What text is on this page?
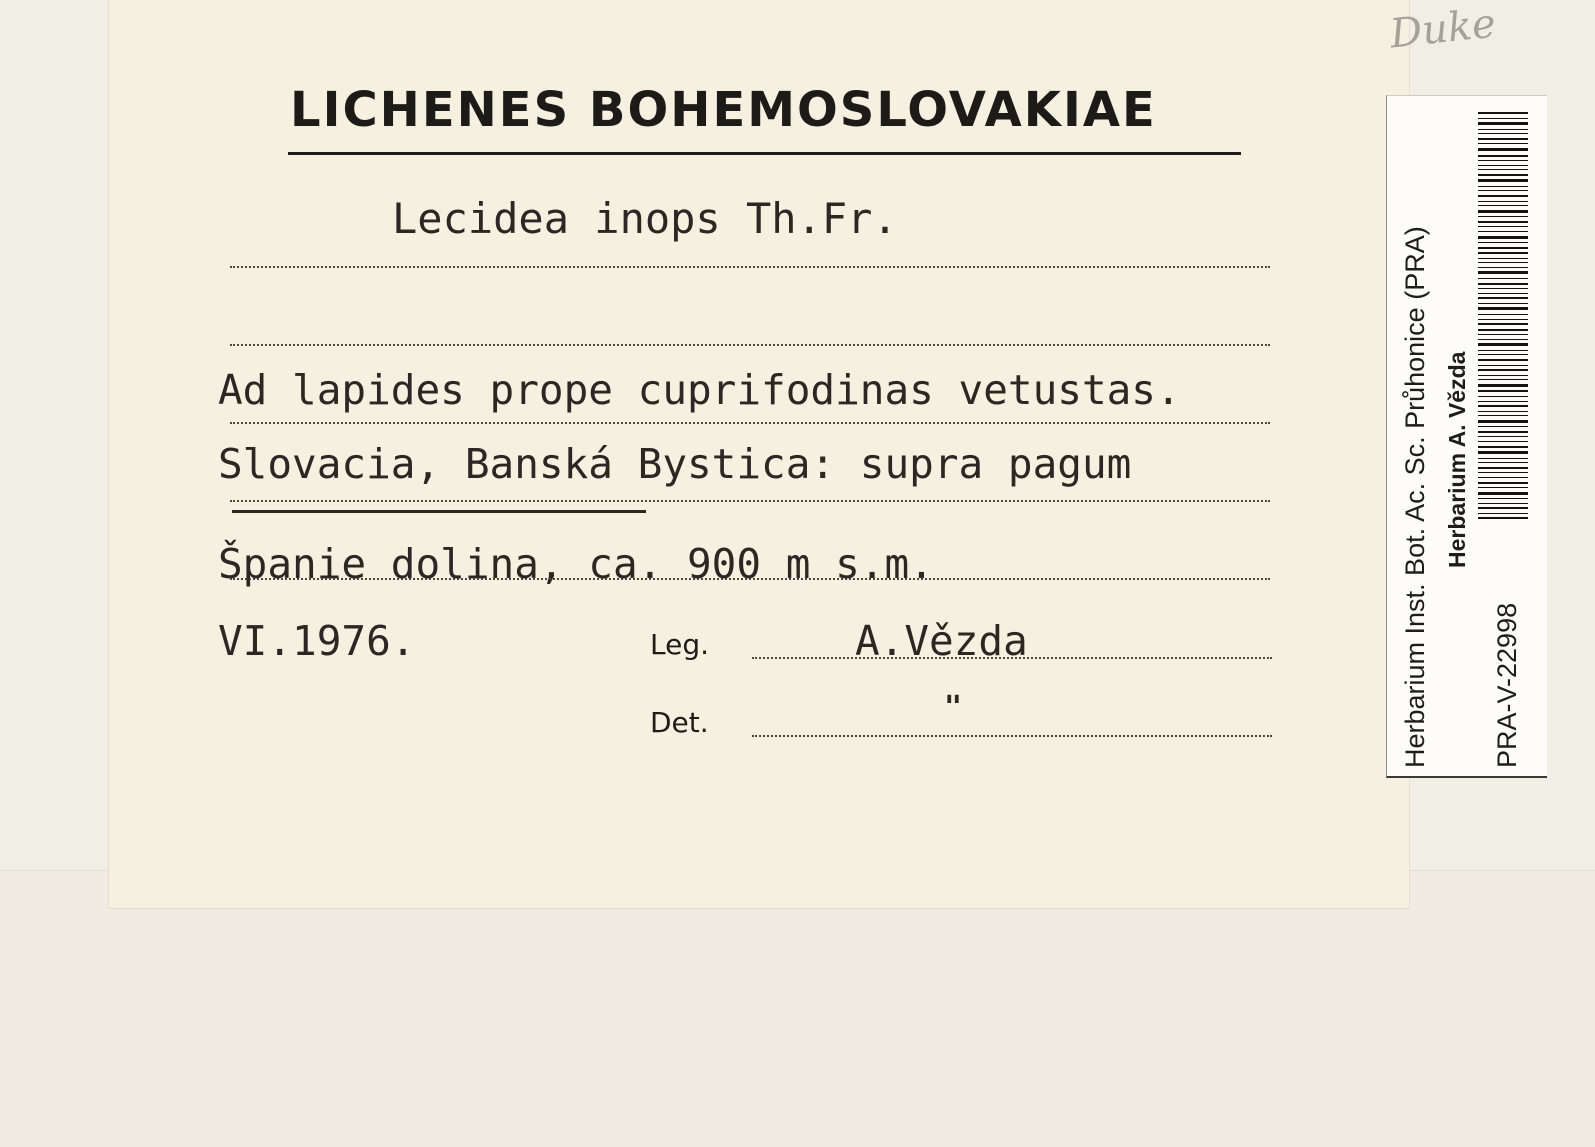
LICHENES BOHEMOSLOVAKIAE
Lecidea inops Th.Fr.
Ad lapides prope cuprifodinas vetustas.
Slovacia, Banská Bystica: supra pagum
Španie dolina, ca. 900 m s.m.
VI.1976.	Leg.	A.Vězda
Det.	"
Duke
Herbarium Inst. Bot. Ac. Sc. Průhonice (PRA) Herbarium A. Vězda
PRA-V-22998
